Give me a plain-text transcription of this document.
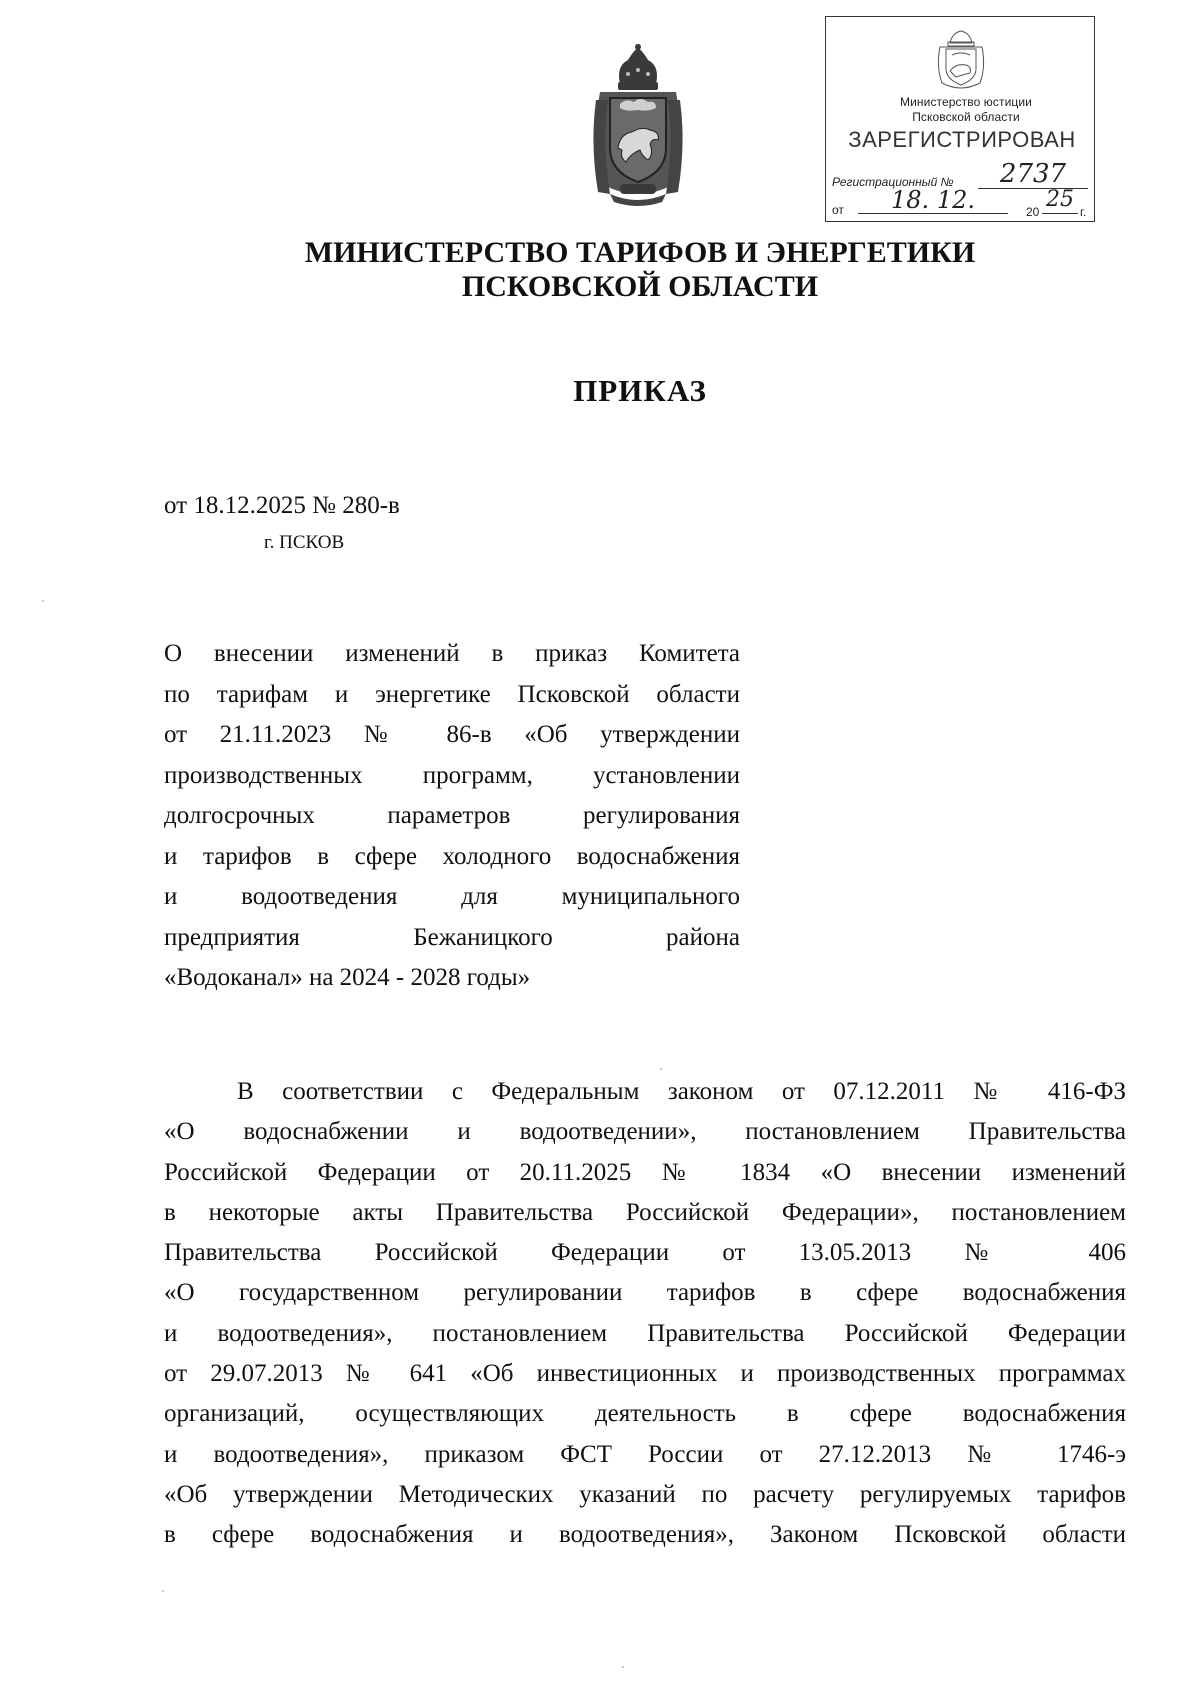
Министерство юстиции
Псковской области
ЗАРЕГИСТРИРОВАН
Регистрационный №	2737
от	18. 12.	20 25 г.
МИНИСТЕРСТВО ТАРИФОВ И ЭНЕРГЕТИКИ
ПСКОВСКОЙ ОБЛАСТИ
ПРИКАЗ
от 18.12.2025 № 280-в
г. ПСКОВ
О внесении изменений в приказ Комитета
по тарифам и энергетике Псковской области
от 21.11.2023 № 86-в «Об утверждении
производственных программ, установлении
долгосрочных параметров регулирования
и тарифов в сфере холодного водоснабжения
и водоотведения для муниципального
предприятия Бежаницкого района
«Водоканал» на 2024 - 2028 годы»
В соответствии с Федеральным законом от 07.12.2011 № 416-ФЗ
«О водоснабжении и водоотведении», постановлением Правительства
Российской Федерации от 20.11.2025 № 1834 «О внесении изменений
в некоторые акты Правительства Российской Федерации», постановлением
Правительства Российской Федерации от 13.05.2013 № 406
«О государственном регулировании тарифов в сфере водоснабжения
и водоотведения», постановлением Правительства Российской Федерации
от 29.07.2013 № 641 «Об инвестиционных и производственных программах
организаций, осуществляющих деятельность в сфере водоснабжения
и водоотведения», приказом ФСТ России от 27.12.2013 № 1746-э
«Об утверждении Методических указаний по расчету регулируемых тарифов
в сфере водоснабжения и водоотведения», Законом Псковской области
